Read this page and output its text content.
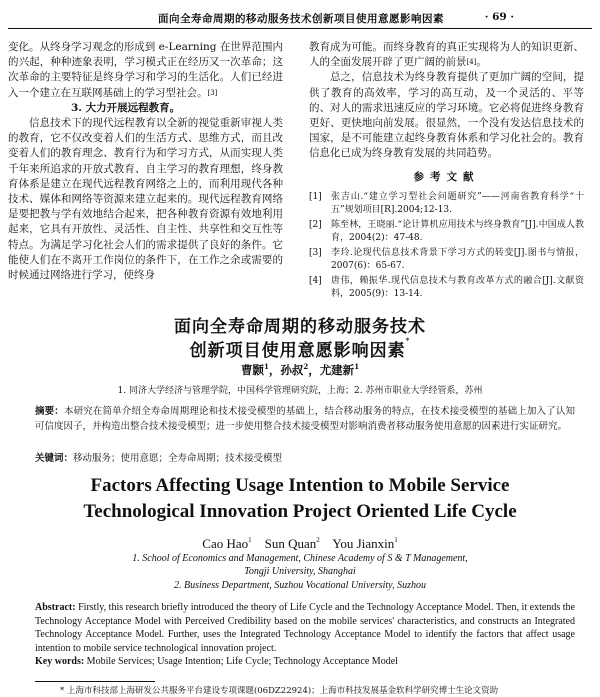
面向全寿命周期的移动服务技术创新项目使用意愿影响因素	· 69 ·

变化。从终身学习观念的形成到 e-Learning 在世界范围内的兴起，种种迹象表明，学习模式正在经历又一次革命；这次革命的主要特征是终身学习和学习的生活化。人们已经进入一个建立在互联网基础上的学习型社会。[3]

3. 大力开展远程教育。

信息技术下的现代远程教育以全新的视觉重新审视人类的教育，它不仅改变着人们的生活方式、思维方式，而且改变着人们的教育理念、教育行为和学习方式，从而实现人类千年来所追求的开放式教育、自主学习的教育理想，终身教育体系是建立在现代远程教育网络之上的，而利用现代各种技术、媒体和网络等资源来建立起来的。现代远程教育网络是要把教与学有效地结合起来，把各种教育资源有效地利用起来，它具有开放性、灵活性、自主性、共享性和交互性等特点。为满足学习化社会人们的需求提供了良好的条件。它能使人们在不离开工作岗位的条件下，在工作之余或需要的时候通过网络进行学习，使终身

教育成为可能。而终身教育的真正实现将为人的知识更新、人的全面发展开辟了更广阔的前景[4]。

总之，信息技术为终身教育提供了更加广阔的空间，提供了教育的高效率，学习的高互动，及一个灵活的、平等的、对人的需求迅速反应的学习环境。它必将促进终身教育更好、更快地向前发展。很显然，一个没有发达信息技术的国家，是不可能建立起终身教育体系和学习化社会的。教育信息化已成为终身教育发展的共同趋势。

参考文献
[1]	张吉山.“建立学习型社会问题研究”——河南省教育科学“十五”规划项目[R].2004;12-13.
[2]	陈至林，王晓丽.“论计算机应用技术与终身教育”[J].中国成人教育，2004(2)：47-48.
[3]	李玲.论现代信息技术背景下学习方式的转变[J].图书与情报，2007(6)：65-67.
[4]	唐伟，赖振华.现代信息技术与教育改革方式的融合[J].文献资料，2005(9)：13-14.
面向全寿命周期的移动服务技术
创新项目使用意愿影响因素*
曹颢$^1$，孙叔$^2$，尤建新$^1$
1. 同济大学经济与管理学院，中国科学管理研究院，上海；2. 苏州市职业大学经管系，苏州
摘要：本研究在简单介绍全寿命周期理论和技术接受模型的基础上，结合移动服务的特点，在技术接受模型的基础上加入了认知可信度因子，并构造出整合技术接受模型；进一步使用整合技术接受模型对影响消费者移动服务使用意愿的因素进行实证研究。
关键词：移动服务；使用意愿；全寿命周期；技术接受模型
Factors Affecting Usage Intention to Mobile Service
Technological Innovation Project Oriented Life Cycle
Cao Hao$^1$ Sun Quan$^2$ You Jianxin$^1$
1. School of Economics and Management, Chinese Academy of S & T Management,
Tongji University, Shanghai
2. Business Department, Suzhou Vocational University, Suzhou
Abstract: Firstly, this research briefly introduced the theory of Life Cycle and the Technology Acceptance Model. Then, it extends the Technology Acceptance Model with Perceived Credibility based on the mobile services' characteristics, and constructs an Integrated Technology Acceptance Model. Further, uses the Integrated Technology Acceptance Model to identify the factors that affect usage intention to mobile service technological innovation project.
Key words: Mobile Services; Usage Intention; Life Cycle; Technology Acceptance Model
* 上海市科技部上海研发公共服务平台建设专项课题(06DZ22924)；上海市科技发展基金软科学研究博士生论文资助
